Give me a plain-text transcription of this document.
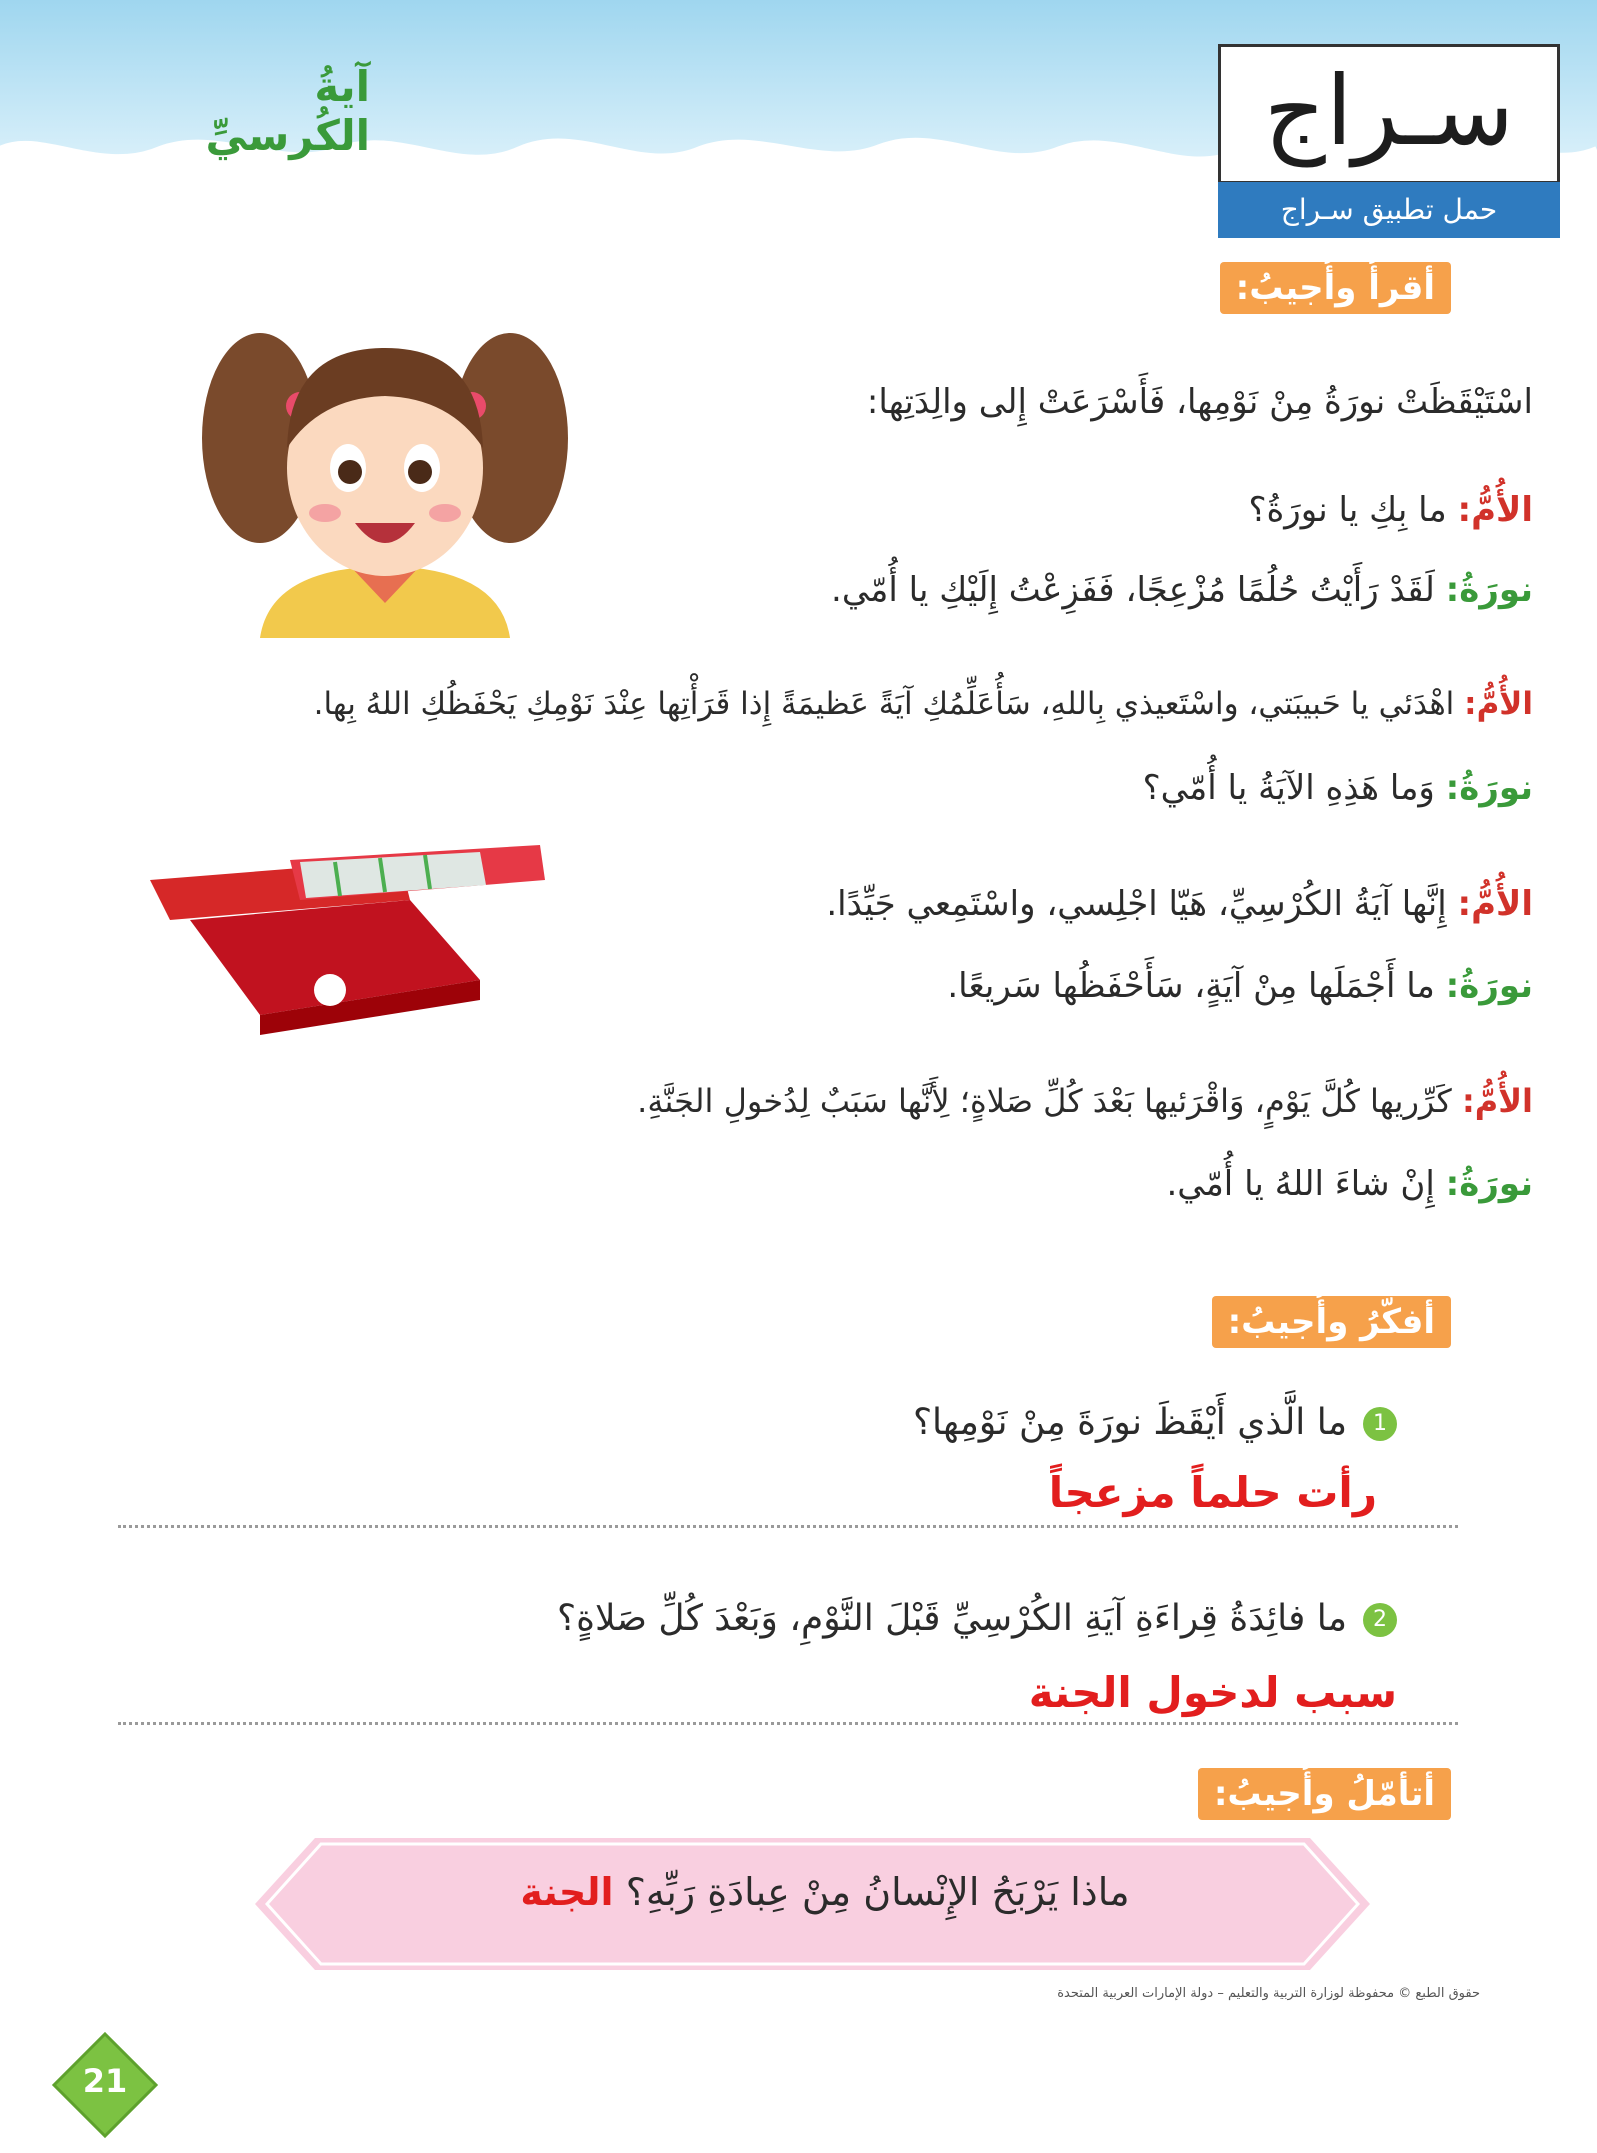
آيةُ الكُرسيِّ	سـراج
حمل تطبيق سـراج
أقرأُ وأُجيبُ:
اسْتَيْقَظَتْ نورَةُ مِنْ نَوْمِها، فَأَسْرَعَتْ إِلى والِدَتِها:
الأُمُّ: ما بِكِ يا نورَةُ؟
نورَةُ: لَقَدْ رَأَيْتُ حُلُمًا مُزْعِجًا، فَفَزِعْتُ إِلَيْكِ يا أُمّي.
الأُمُّ: اهْدَئي يا حَبيبَتي، واسْتَعيذي بِاللهِ، سَأُعَلِّمُكِ آيَةً عَظيمَةً إِذا قَرَأْتِها عِنْدَ نَوْمِكِ يَحْفَظُكِ اللهُ بِها.
نورَةُ: وَما هَذِهِ الآيَةُ يا أُمّي؟
الأُمُّ: إِنَّها آيَةُ الكُرْسِيِّ، هَيّا اجْلِسي، واسْتَمِعي جَيِّدًا.
نورَةُ: ما أَجْمَلَها مِنْ آيَةٍ، سَأَحْفَظُها سَريعًا.
الأُمُّ: كَرِّريها كُلَّ يَوْمٍ، وَاقْرَئيها بَعْدَ كُلِّ صَلاةٍ؛ لِأَنَّها سَبَبٌ لِدُخولِ الجَنَّةِ.
نورَةُ: إِنْ شاءَ اللهُ يا أُمّي.
أفكّرُ وأُجيبُ:
1ما الَّذي أَيْقَظَ نورَةَ مِنْ نَوْمِها؟
رأت حلماً مزعجاً
2ما فائِدَةُ قِراءَةِ آيَةِ الكُرْسِيِّ قَبْلَ النَّوْمِ، وَبَعْدَ كُلِّ صَلاةٍ؟
سبب لدخول الجنة
أتأمّلُ وأُجيبُ:
ماذا يَرْبَحُ الإِنْسانُ مِنْ عِبادَةِ رَبِّهِ؟ الجنة
حقوق الطبع © محفوظة لوزارة التربية والتعليم – دولة الإمارات العربية المتحدة
21
